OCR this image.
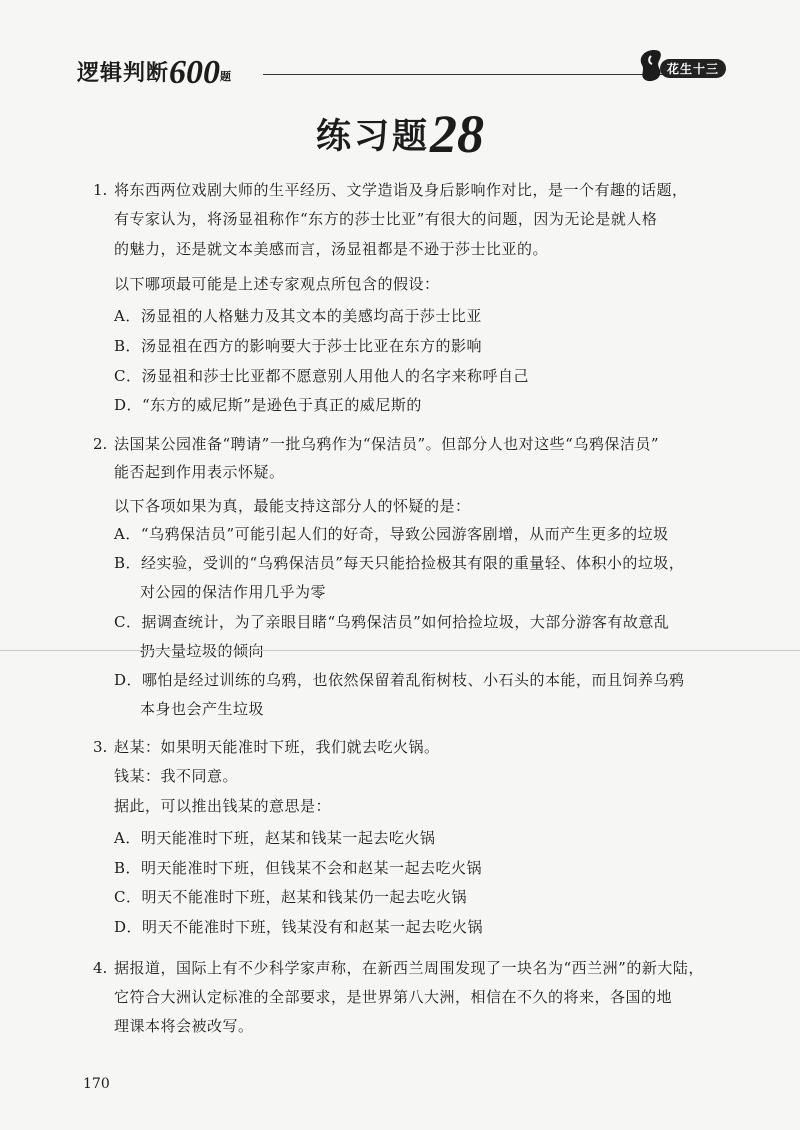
逻辑判断600题
花生十三
练习题28
1. 将东西两位戏剧大师的生平经历、文学造诣及身后影响作对比，是一个有趣的话题，
有专家认为，将汤显祖称作“东方的莎士比亚”有很大的问题，因为无论是就人格
的魅力，还是就文本美感而言，汤显祖都是不逊于莎士比亚的。
以下哪项最可能是上述专家观点所包含的假设：
A．汤显祖的人格魅力及其文本的美感均高于莎士比亚
B．汤显祖在西方的影响要大于莎士比亚在东方的影响
C．汤显祖和莎士比亚都不愿意别人用他人的名字来称呼自己
D．“东方的威尼斯”是逊色于真正的威尼斯的
2. 法国某公园准备“聘请”一批乌鸦作为“保洁员”。但部分人也对这些“乌鸦保洁员”
能否起到作用表示怀疑。
以下各项如果为真，最能支持这部分人的怀疑的是：
A．“乌鸦保洁员”可能引起人们的好奇，导致公园游客剧增，从而产生更多的垃圾
B．经实验，受训的“乌鸦保洁员”每天只能拾捡极其有限的重量轻、体积小的垃圾，
对公园的保洁作用几乎为零
C．据调查统计，为了亲眼目睹“乌鸦保洁员”如何拾捡垃圾，大部分游客有故意乱
扔大量垃圾的倾向
D．哪怕是经过训练的乌鸦，也依然保留着乱衔树枝、小石头的本能，而且饲养乌鸦
本身也会产生垃圾
3. 赵某：如果明天能准时下班，我们就去吃火锅。
钱某：我不同意。
据此，可以推出钱某的意思是：
A．明天能准时下班，赵某和钱某一起去吃火锅
B．明天能准时下班，但钱某不会和赵某一起去吃火锅
C．明天不能准时下班，赵某和钱某仍一起去吃火锅
D．明天不能准时下班，钱某没有和赵某一起去吃火锅
4. 据报道，国际上有不少科学家声称，在新西兰周围发现了一块名为“西兰洲”的新大陆，
它符合大洲认定标准的全部要求，是世界第八大洲，相信在不久的将来，各国的地
理课本将会被改写。
170
